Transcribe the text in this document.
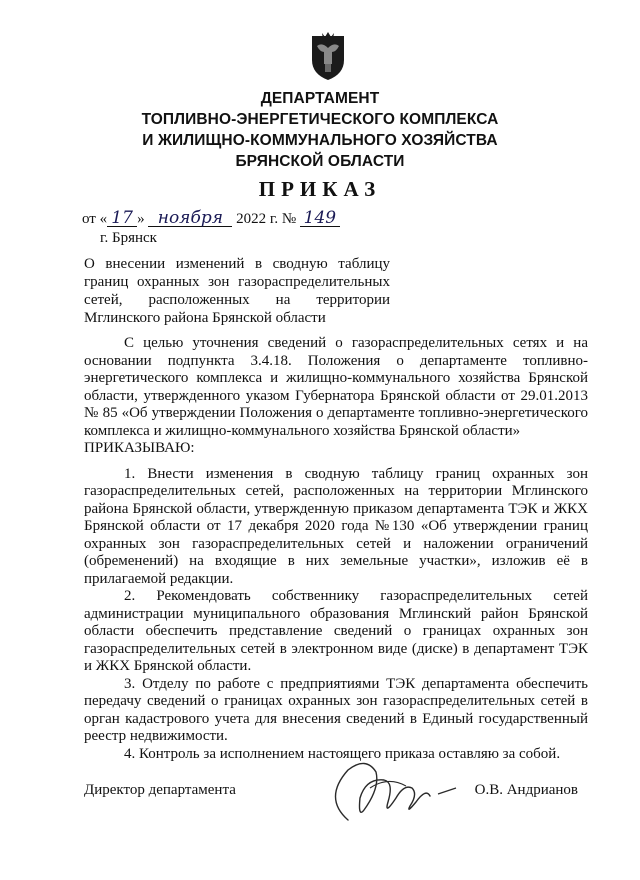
ДЕПАРТАМЕНТ
ТОПЛИВНО-ЭНЕРГЕТИЧЕСКОГО КОМПЛЕКСА
И ЖИЛИЩНО-КОММУНАЛЬНОГО ХОЗЯЙСТВА
БРЯНСКОЙ ОБЛАСТИ
ПРИКАЗ
от « 17 » ноября 2022 г. № 149
г. Брянск
О внесении изменений в сводную таблицу границ охранных зон газораспределительных сетей, расположенных на территории Мглинского района Брянской области

С целью уточнения сведений о газораспределительных сетях и на основании подпункта 3.4.18. Положения о департаменте топливно-энергетического комплекса и жилищно-коммунального хозяйства Брянской области, утвержденного указом Губернатора Брянской области от 29.01.2013 № 85 «Об утверждении Положения о департаменте топливно-энергетического комплекса и жилищно-коммунального хозяйства Брянской области»

ПРИКАЗЫВАЮ:

1. Внести изменения в сводную таблицу границ охранных зон газораспределительных сетей, расположенных на территории Мглинского района Брянской области, утвержденную приказом департамента ТЭК и ЖКХ Брянской области от 17 декабря 2020 года №130 «Об утверждении границ охранных зон газораспределительных сетей и наложении ограничений (обременений) на входящие в них земельные участки», изложив её в прилагаемой редакции.

2. Рекомендовать собственнику газораспределительных сетей администрации муниципального образования Мглинский район Брянской области обеспечить представление сведений о границах охранных зон газораспределительных сетей в электронном виде (диске) в департамент ТЭК и ЖКХ Брянской области.

3. Отделу по работе с предприятиями ТЭК департамента обеспечить передачу сведений о границах охранных зон газораспределительных сетей в орган кадастрового учета для внесения сведений в Единый государственный реестр недвижимости.

4. Контроль за исполнением настоящего приказа оставляю за собой.

Директор департамента	О.В. Андрианов
